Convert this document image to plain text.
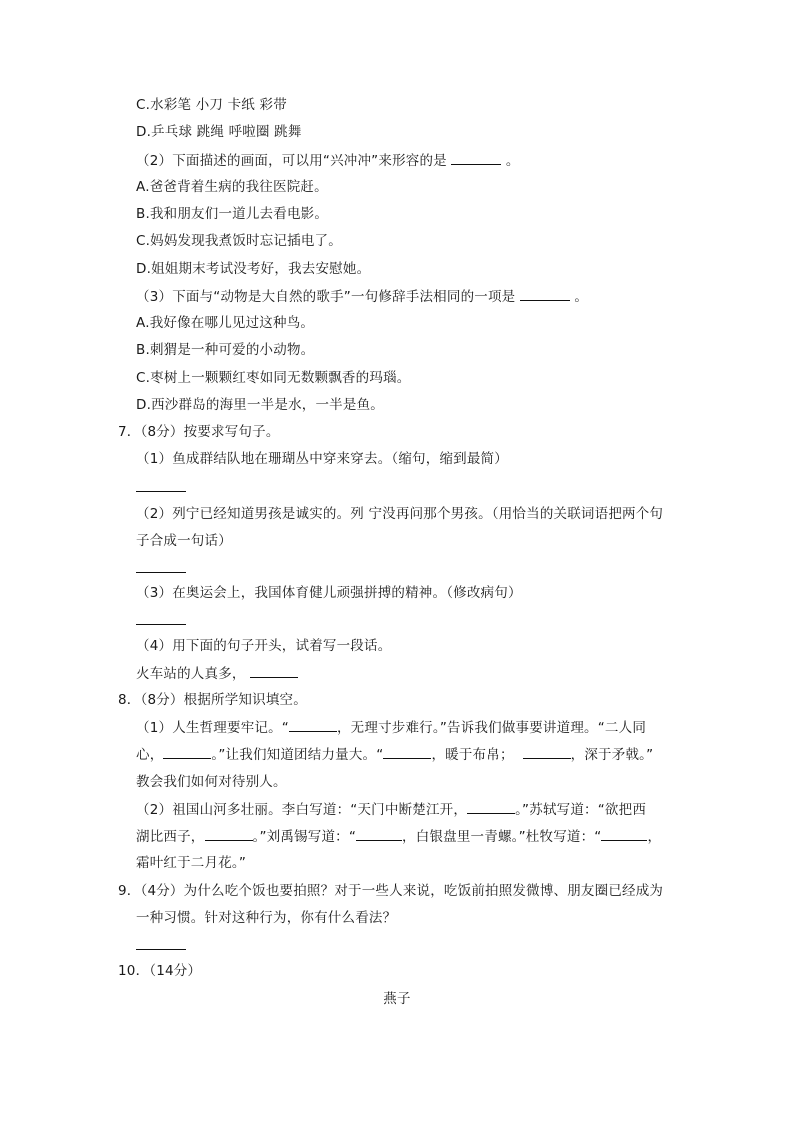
C.水彩笔 小刀 卡纸 彩带
D.乒乓球 跳绳 呼啦圈 跳舞
（2）下面描述的画面，可以用“兴冲冲”来形容的是	。
A.爸爸背着生病的我往医院赶。
B.我和朋友们一道儿去看电影。
C.妈妈发现我煮饭时忘记插电了。
D.姐姐期末考试没考好，我去安慰她。
（3）下面与“动物是大自然的歌手”一句修辞手法相同的一项是	。
A.我好像在哪儿见过这种鸟。
B.刺猬是一种可爱的小动物。
C.枣树上一颗颗红枣如同无数颗飘香的玛瑙。
D.西沙群岛的海里一半是水，一半是鱼。
7．（8分）按要求写句子。
（1）鱼成群结队地在珊瑚丛中穿来穿去。（缩句，缩到最简）
（2）列宁已经知道男孩是诚实的。列 宁没再问那个男孩。（用恰当的关联词语把两个句
子合成一句话）
（3）在奥运会上，我国体育健儿顽强拼搏的精神。（修改病句）
（4）用下面的句子开头，试着写一段话。
火车站的人真多，
8．（8分）根据所学知识填空。
（1）人生哲理要牢记。“	，无理寸步难行。”告诉我们做事要讲道理。“二人同
心，	。”让我们知道团结力量大。“	，暖于布帛；	，深于矛戟。”
教会我们如何对待别人。
（2）祖国山河多壮丽。李白写道：“天门中断楚江开，	。”苏轼写道：“欲把西
湖比西子，	。”刘禹锡写道：“	，白银盘里一青螺。”杜牧写道：“	，
霜叶红于二月花。”
9．（4分）为什么吃个饭也要拍照？对于一些人来说，吃饭前拍照发微博、朋友圈已经成为
一种习惯。针对这种行为，你有什么看法？
10．（14分）
燕子
